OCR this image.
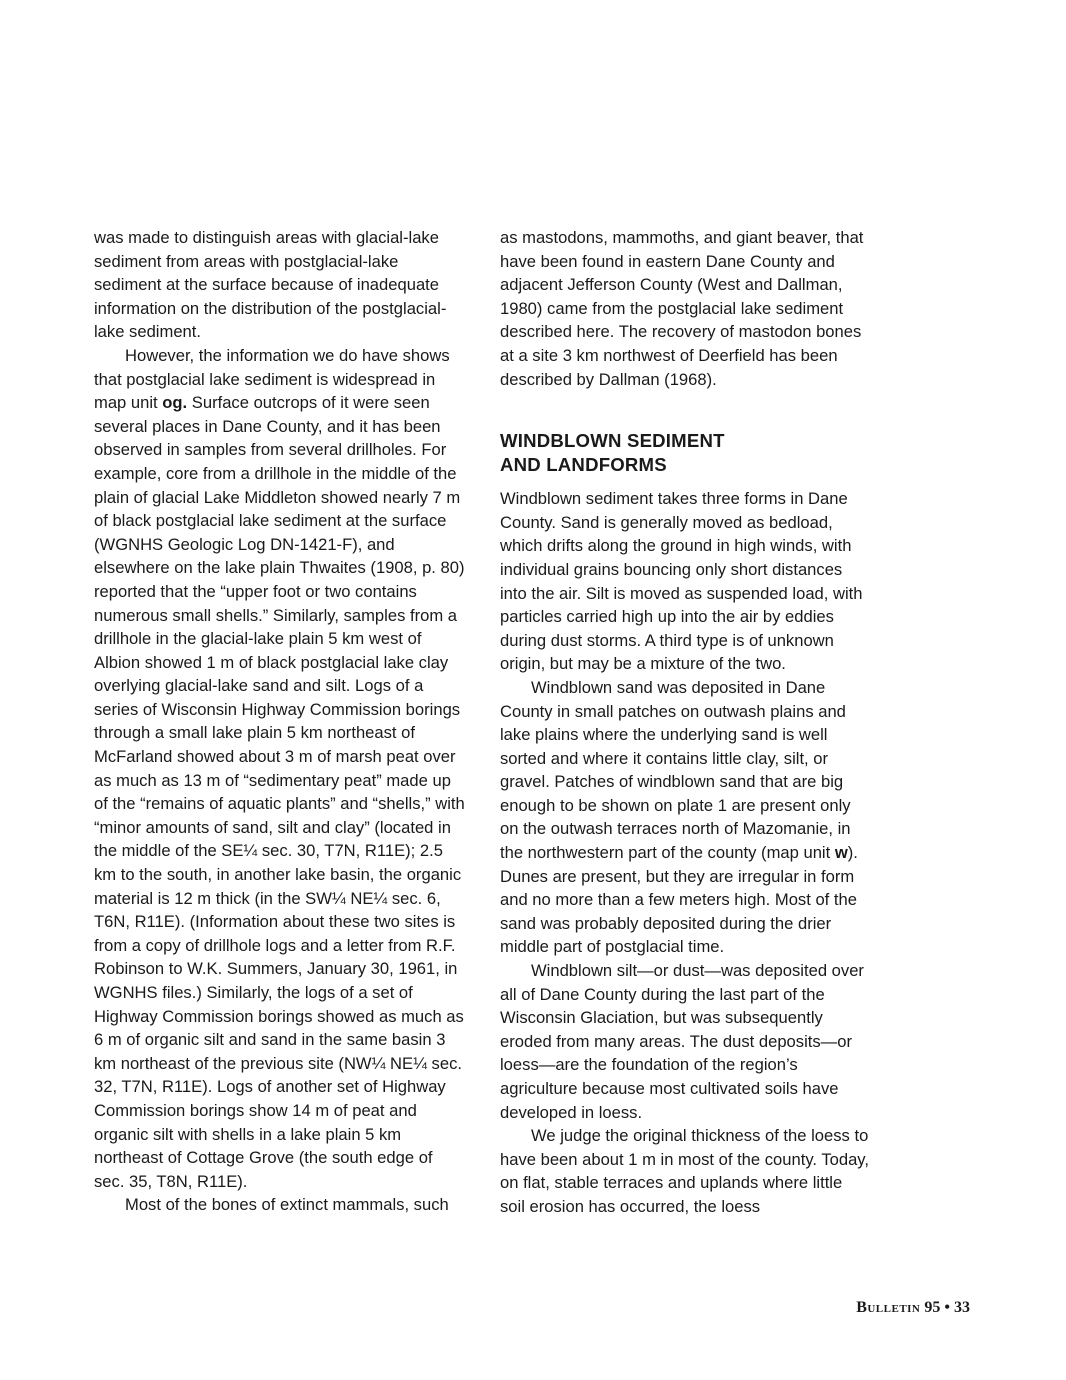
was made to distinguish areas with glacial-lake sediment from areas with postglacial-lake sediment at the surface because of inadequate information on the distribution of the postglacial-lake sediment.

However, the information we do have shows that postglacial lake sediment is widespread in map unit og. Surface outcrops of it were seen several places in Dane County, and it has been observed in samples from several drillholes. For example, core from a drillhole in the middle of the plain of glacial Lake Middleton showed nearly 7 m of black postglacial lake sediment at the surface (WGNHS Geologic Log DN-1421-F), and elsewhere on the lake plain Thwaites (1908, p. 80) reported that the “upper foot or two contains numerous small shells.” Similarly, samples from a drillhole in the glacial-lake plain 5 km west of Albion showed 1 m of black postglacial lake clay overlying glacial-lake sand and silt. Logs of a series of Wisconsin Highway Commission borings through a small lake plain 5 km northeast of McFarland showed about 3 m of marsh peat over as much as 13 m of “sedimentary peat” made up of the “remains of aquatic plants” and “shells,” with “minor amounts of sand, silt and clay” (located in the middle of the SE¼ sec. 30, T7N, R11E); 2.5 km to the south, in another lake basin, the organic material is 12 m thick (in the SW¼ NE¼ sec. 6, T6N, R11E). (Information about these two sites is from a copy of drillhole logs and a letter from R.F. Robinson to W.K. Summers, January 30, 1961, in WGNHS files.) Similarly, the logs of a set of Highway Commission borings showed as much as 6 m of organic silt and sand in the same basin 3 km northeast of the previous site (NW¼ NE¼ sec. 32, T7N, R11E). Logs of another set of Highway Commission borings show 14 m of peat and organic silt with shells in a lake plain 5 km northeast of Cottage Grove (the south edge of sec. 35, T8N, R11E).

Most of the bones of extinct mammals, such

as mastodons, mammoths, and giant beaver, that have been found in eastern Dane County and adjacent Jefferson County (West and Dallman, 1980) came from the postglacial lake sediment described here. The recovery of mastodon bones at a site 3 km northwest of Deerfield has been described by Dallman (1968).

WINDBLOWN SEDIMENT
AND LANDFORMS

Windblown sediment takes three forms in Dane County. Sand is generally moved as bedload, which drifts along the ground in high winds, with individual grains bouncing only short distances into the air. Silt is moved as suspended load, with particles carried high up into the air by eddies during dust storms. A third type is of unknown origin, but may be a mixture of the two.

Windblown sand was deposited in Dane County in small patches on outwash plains and lake plains where the underlying sand is well sorted and where it contains little clay, silt, or gravel. Patches of windblown sand that are big enough to be shown on plate 1 are present only on the outwash terraces north of Mazomanie, in the northwestern part of the county (map unit w). Dunes are present, but they are irregular in form and no more than a few meters high. Most of the sand was probably deposited during the drier middle part of postglacial time.

Windblown silt—or dust—was deposited over all of Dane County during the last part of the Wisconsin Glaciation, but was subsequently eroded from many areas. The dust deposits—or loess—are the foundation of the region’s agriculture because most cultivated soils have developed in loess.

We judge the original thickness of the loess to have been about 1 m in most of the county. Today, on flat, stable terraces and uplands where little soil erosion has occurred, the loess

Bulletin 95 • 33
